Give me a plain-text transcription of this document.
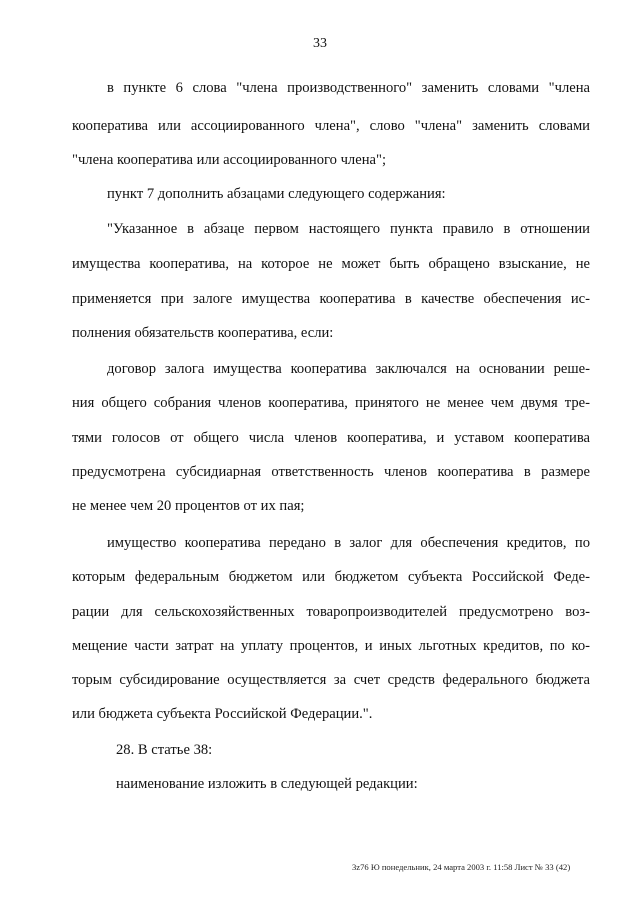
33
в пункте 6 слова "члена производственного" заменить словами "члена
кооператива или ассоциированного члена", слово "члена" заменить словами
"члена кооператива или ассоциированного члена";
пункт 7 дополнить абзацами следующего содержания:
"Указанное в абзаце первом настоящего пункта правило в отношении
имущества кооператива, на которое не может быть обращено взыскание, не
применяется при залоге имущества кооператива в качестве обеспечения ис-
полнения обязательств кооператива, если:
договор залога имущества кооператива заключался на основании реше-
ния общего собрания членов кооператива, принятого не менее чем двумя тре-
тями голосов от общего числа членов кооператива, и уставом кооператива
предусмотрена субсидиарная ответственность членов кооператива в размере
не менее чем 20 процентов от их пая;
имущество кооператива передано в залог для обеспечения кредитов, по
которым федеральным бюджетом или бюджетом субъекта Российской Феде-
рации для сельскохозяйственных товаропроизводителей предусмотрено воз-
мещение части затрат на уплату процентов, и иных льготных кредитов, по ко-
торым субсидирование осуществляется за счет средств федерального бюджета
или бюджета субъекта Российской Федерации.".
28. В статье 38:
наименование изложить в следующей редакции:
3z76 Ю понедельник, 24 марта 2003 г. 11:58 Лист № 33 (42)
